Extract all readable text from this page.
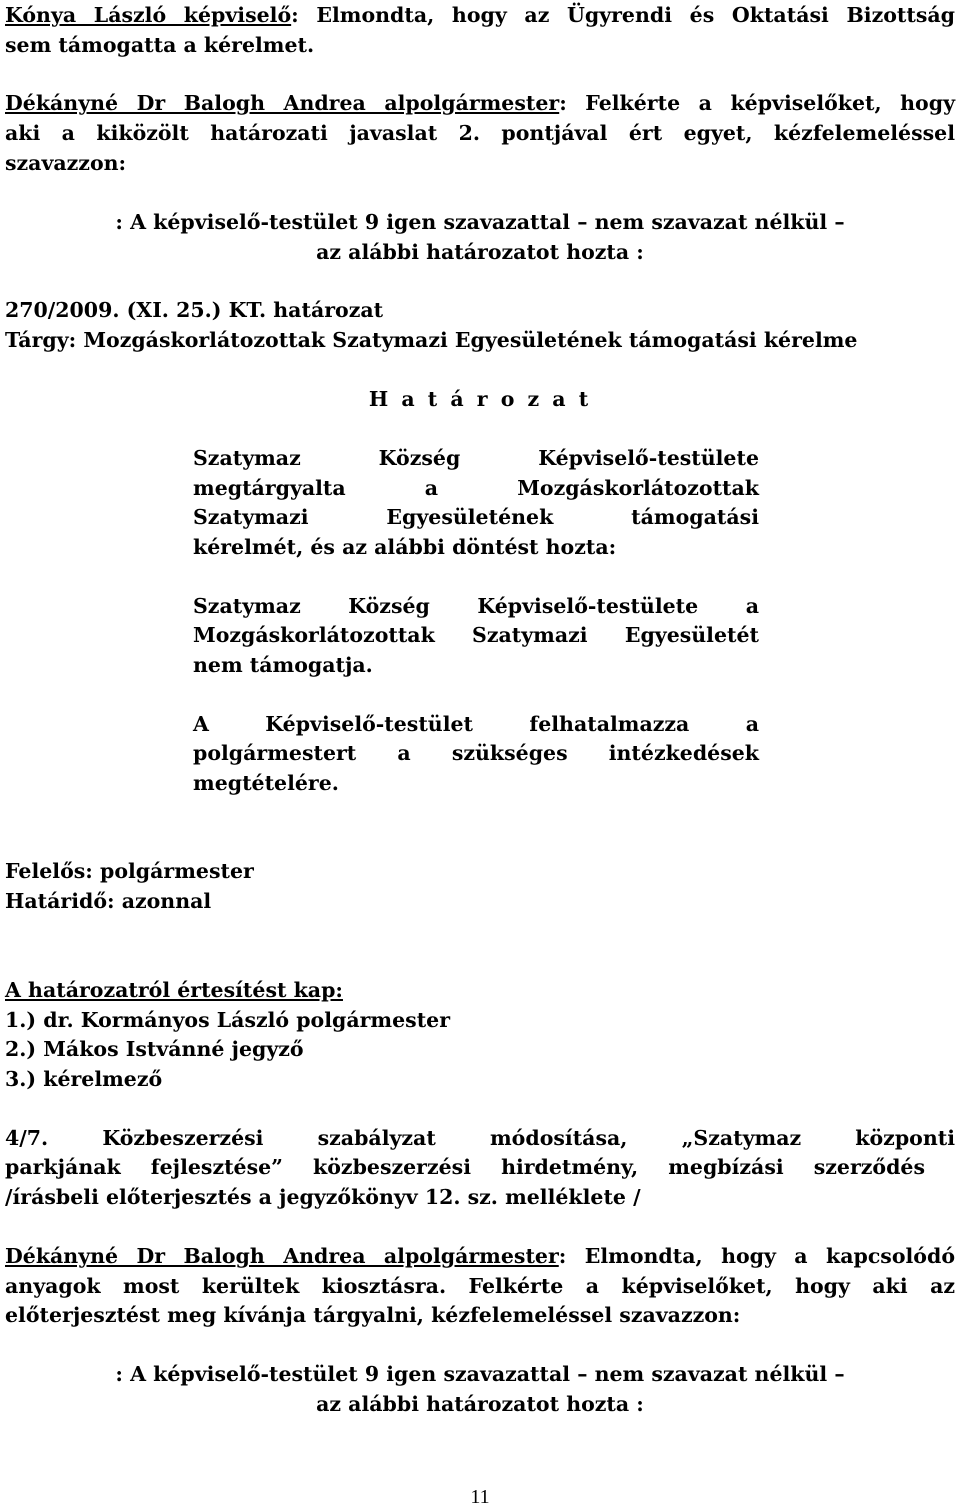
Kónya László képviselő: Elmondta, hogy az Ügyrendi és Oktatási Bizottság
sem támogatta a kérelmet.
Dékányné Dr Balogh Andrea alpolgármester: Felkérte a képviselőket, hogy
aki a kiközölt határozati javaslat 2. pontjával ért egyet, kézfelemeléssel
szavazzon:
: A képviselő-testület 9 igen szavazattal – nem szavazat nélkül –
az alábbi határozatot hozta :
270/2009. (XI. 25.) KT. határozat
Tárgy: Mozgáskorlátozottak Szatymazi Egyesületének támogatási kérelme
H a t á r o z a t
Szatymaz Község Képviselő-testülete
megtárgyalta a Mozgáskorlátozottak
Szatymazi Egyesületének támogatási
kérelmét, és az alábbi döntést hozta:
Szatymaz Község Képviselő-testülete a
Mozgáskorlátozottak Szatymazi Egyesületét
nem támogatja.
A Képviselő-testület felhatalmazza a
polgármestert a szükséges intézkedések
megtételére.
Felelős: polgármester
Határidő: azonnal
A határozatról értesítést kap:
1.) dr. Kormányos László polgármester
2.) Mákos Istvánné jegyző
3.) kérelmező
4/7. Közbeszerzési szabályzat módosítása, „Szatymaz központi
parkjának fejlesztése” közbeszerzési hirdetmény, megbízási szerződés
/írásbeli előterjesztés a jegyzőkönyv 12. sz. melléklete /
Dékányné Dr Balogh Andrea alpolgármester: Elmondta, hogy a kapcsolódó
anyagok most kerültek kiosztásra. Felkérte a képviselőket, hogy aki az
előterjesztést meg kívánja tárgyalni, kézfelemeléssel szavazzon:
: A képviselő-testület 9 igen szavazattal – nem szavazat nélkül –
az alábbi határozatot hozta :
11
